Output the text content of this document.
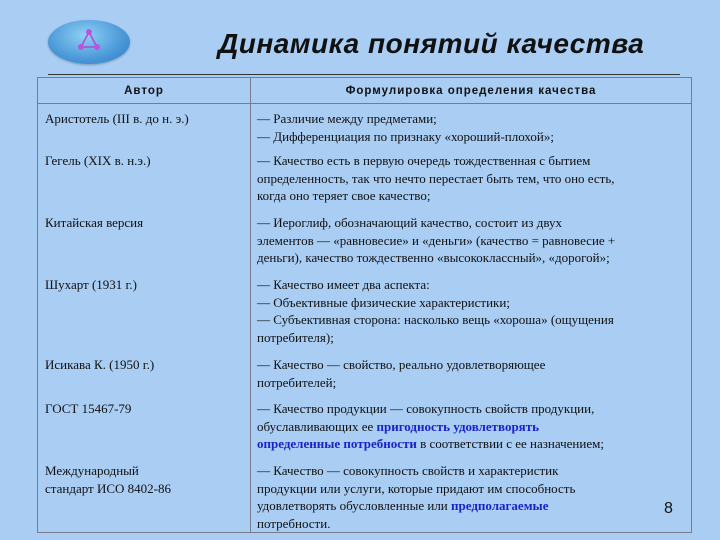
Динамика понятий качества
Автор	Формулировка определения качества

Аристотель (III в. до н. э.)	— Различие между предметами;
— Дифференциация по признаку «хороший-плохой»;

Гегель (XIX в. н.э.)	— Качество есть в первую очередь тождественная с бытием
определенность, так что нечто перестает быть тем, что оно есть,
когда оно теряет свое качество;

Китайская версия	— Иероглиф, обозначающий качество, состоит из двух
элементов — «равновесие» и «деньги» (качество = равновесие +
деньги), качество тождественно «высококлассный», «дорогой»;

Шухарт (1931 г.)	— Качество имеет два аспекта:
— Объективные физические характеристики;
— Субъективная сторона: насколько вещь «хороша» (ощущения
потребителя);

Исикава К. (1950 г.)	— Качество — свойство, реально удовлетворяющее
потребителей;

ГОСТ 15467-79	— Качество продукции — совокупность свойств продукции,
обуславливающих ее пригодность удовлетворять
определенные потребности в соответствии с ее назначением;

Международный
стандарт ИСО 8402-86	— Качество — совокупность свойств и характеристик
продукции или услуги, которые придают им способность
удовлетворять обусловленные или предполагаемые
потребности.
8
